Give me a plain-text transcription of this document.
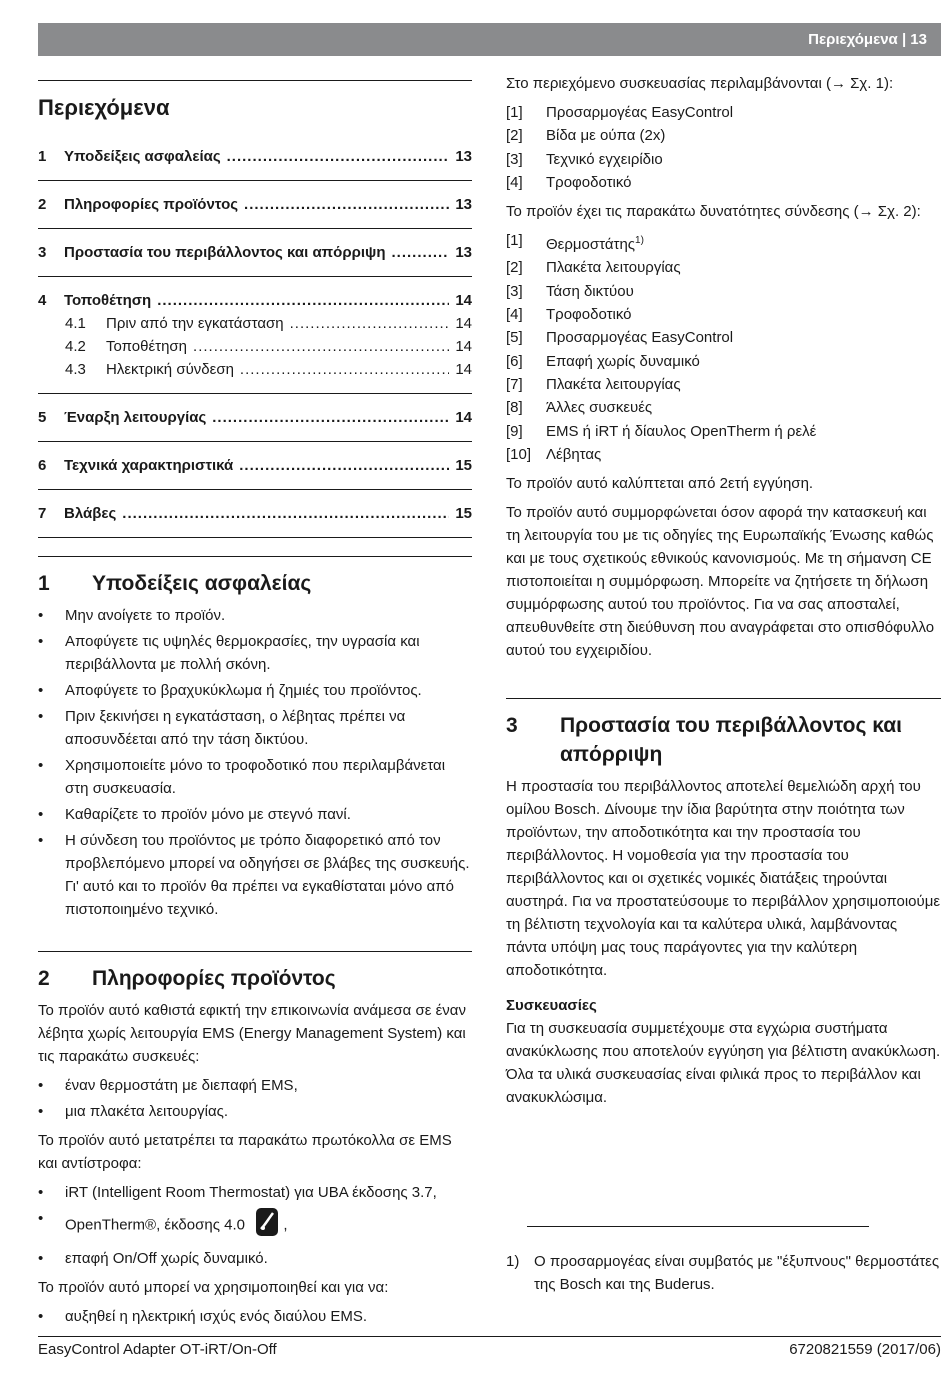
Περιεχόμενα | 13
Περιεχόμενα
1	Υποδείξεις ασφαλείας .....	13
2	Πληροφορίες προϊόντος .....	13
3	Προστασία του περιβάλλοντος και απόρριψη .....	13
4	Τοποθέτηση .....	14
4.1	Πριν από την εγκατάσταση .....	14
4.2	Τοποθέτηση .....	14
4.3	Ηλεκτρική σύνδεση .....	14
5	Έναρξη λειτουργίας .....	14
6	Τεχνικά χαρακτηριστικά .....	15
7	Βλάβες .....	15
1	Υποδείξεις ασφαλείας
• Μην ανοίγετε το προϊόν.
• Αποφύγετε τις υψηλές θερμοκρασίες, την υγρασία και περιβάλλοντα με πολλή σκόνη.
• Αποφύγετε το βραχυκύκλωμα ή ζημιές του προϊόντος.
• Πριν ξεκινήσει η εγκατάσταση, ο λέβητας πρέπει να αποσυνδέεται από την τάση δικτύου.
• Χρησιμοποιείτε μόνο το τροφοδοτικό που περιλαμβάνεται στη συσκευασία.
• Καθαρίζετε το προϊόν μόνο με στεγνό πανί.
• Η σύνδεση του προϊόντος με τρόπο διαφορετικό από τον προβλεπόμενο μπορεί να οδηγήσει σε βλάβες της συσκευής. Γι' αυτό και το προϊόν θα πρέπει να εγκαθίσταται μόνο από πιστοποιημένο τεχνικό.
2	Πληροφορίες προϊόντος

Το προϊόν αυτό καθιστά εφικτή την επικοινωνία ανάμεσα σε έναν λέβητα χωρίς λειτουργία EMS (Energy Management System) και τις παρακάτω συσκευές:

• έναν θερμοστάτη με διεπαφή EMS,
• μια πλακέτα λειτουργίας.

Το προϊόν αυτό μετατρέπει τα παρακάτω πρωτόκολλα σε EMS και αντίστροφα:

• iRT (Intelligent Room Thermostat) για UBA έκδοσης 3.7,
• OpenTherm®, έκδοσης 4.0	,
• επαφή On/Off χωρίς δυναμικό.

Το προϊόν αυτό μπορεί να χρησιμοποιηθεί και για να:

• αυξηθεί η ηλεκτρική ισχύς ενός διαύλου EMS.

Στο περιεχόμενο συσκευασίας περιλαμβάνονται (→ Σχ. 1):

[1]	Προσαρμογέας EasyControl
[2]	Βίδα με ούπα (2x)
[3]	Τεχνικό εγχειρίδιο
[4]	Τροφοδοτικό

Το προϊόν έχει τις παρακάτω δυνατότητες σύνδεσης (→ Σχ. 2):

[1]	Θερμοστάτης$^{1)}$
[2]	Πλακέτα λειτουργίας
[3]	Τάση δικτύου
[4]	Τροφοδοτικό
[5]	Προσαρμογέας EasyControl
[6]	Επαφή χωρίς δυναμικό
[7]	Πλακέτα λειτουργίας
[8]	Άλλες συσκευές
[9]	EMS ή iRT ή δίαυλος OpenTherm ή ρελέ
[10] Λέβητας

Το προϊόν αυτό καλύπτεται από 2ετή εγγύηση.

Το προϊόν αυτό συμμορφώνεται όσον αφορά την κατασκευή και τη λειτουργία του με τις οδηγίες της Ευρωπαϊκής Ένωσης καθώς και με τους σχετικούς εθνικούς κανονισμούς. Με τη σήμανση CE πιστοποιείται η συμμόρφωση. Μπορείτε να ζητήσετε τη δήλωση συμμόρφωσης αυτού του προϊόντος. Για να σας αποσταλεί, απευθυνθείτε στη διεύθυνση που αναγράφεται στο οπισθόφυλλο αυτού του εγχειριδίου.

3	Προστασία του περιβάλλοντος και απόρριψη

Η προστασία του περιβάλλοντος αποτελεί θεμελιώδη αρχή του ομίλου Bosch. Δίνουμε την ίδια βαρύτητα στην ποιότητα των προϊόντων, την αποδοτικότητα και την προστασία του περιβάλλοντος. Η νομοθεσία για την προστασία του περιβάλλοντος και οι σχετικές νομικές διατάξεις τηρούνται αυστηρά. Για να προστατεύσουμε το περιβάλλον χρησιμοποιούμε τη βέλτιστη τεχνολογία και τα καλύτερα υλικά, λαμβάνοντας πάντα υπόψη μας τους παράγοντες για την καλύτερη αποδοτικότητα.

Συσκευασίες

Για τη συσκευασία συμμετέχουμε στα εγχώρια συστήματα ανακύκλωσης που αποτελούν εγγύηση για βέλτιστη ανακύκλωση. Όλα τα υλικά συσκευασίας είναι φιλικά προς το περιβάλλον και ανακυκλώσιμα.

1) Ο προσαρμογέας είναι συμβατός με "έξυπνους" θερμοστάτες της Bosch και της Buderus.
EasyControl Adapter OT-iRT/On-Off	6720821559 (2017/06)
